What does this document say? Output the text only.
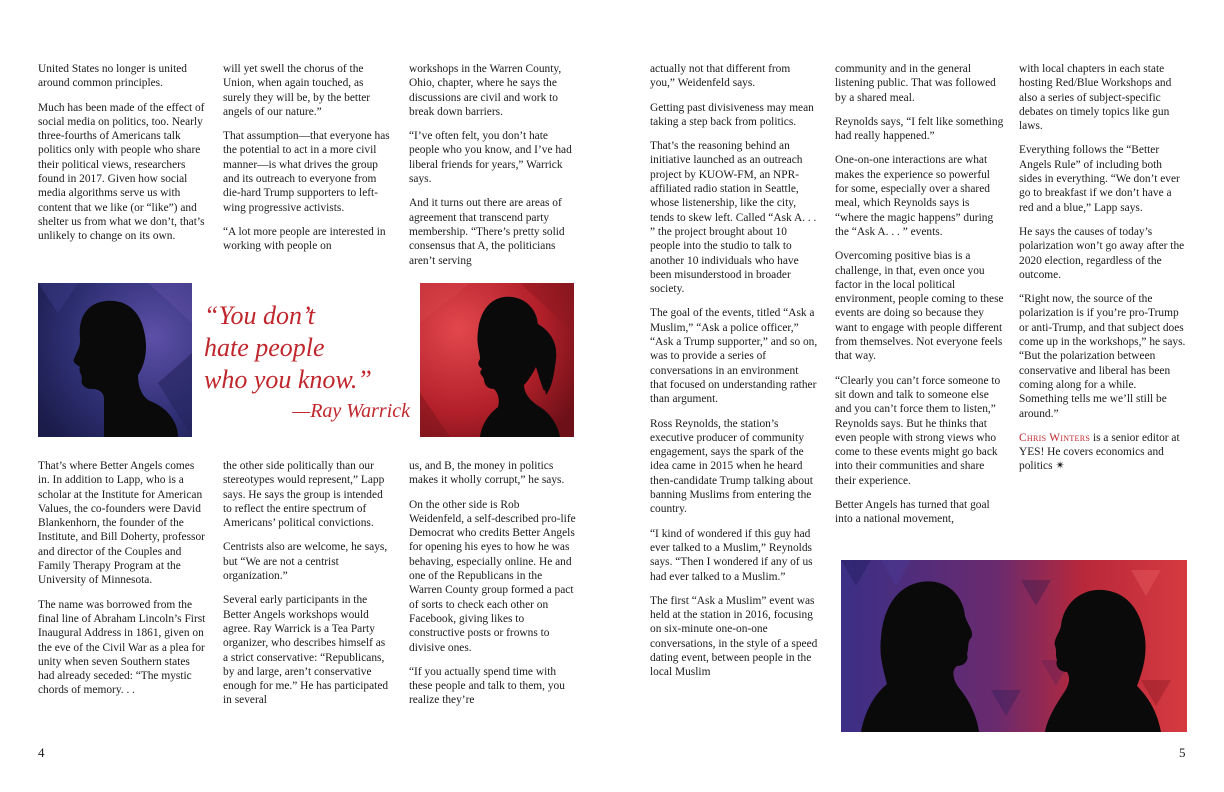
United States no longer is united around common principles.

Much has been made of the effect of social media on politics, too. Nearly three-fourths of Americans talk politics only with people who share their political views, researchers found in 2017. Given how social media algorithms serve us with content that we like (or “like”) and shelter us from what we don’t, that’s unlikely to change on its own.

will yet swell the chorus of the Union, when again touched, as surely they will be, by the better angels of our nature.”

That assumption—that everyone has the potential to act in a more civil manner—is what drives the group and its outreach to everyone from die-hard Trump supporters to left-wing progressive activists.

“A lot more people are interested in working with people on

workshops in the Warren County, Ohio, chapter, where he says the discussions are civil and work to break down barriers.

“I’ve often felt, you don’t hate people who you know, and I’ve had liberal friends for years,” Warrick says.

And it turns out there are areas of agreement that transcend party membership. “There’s pretty solid consensus that A, the politicians aren’t serving

“You don’t
hate people
who you know.”
—Ray Warrick

That’s where Better Angels comes in. In addition to Lapp, who is a scholar at the Institute for American Values, the co-founders were David Blankenhorn, the founder of the Institute, and Bill Doherty, professor and director of the Couples and Family Therapy Program at the University of Minnesota.

The name was borrowed from the final line of Abraham Lincoln’s First Inaugural Address in 1861, given on the eve of the Civil War as a plea for unity when seven Southern states had already seceded: “The mystic chords of memory. . .

the other side politically than our stereotypes would represent,” Lapp says. He says the group is intended to reflect the entire spectrum of Americans’ political convictions.

Centrists also are welcome, he says, but “We are not a centrist organization.”

Several early participants in the Better Angels workshops would agree. Ray Warrick is a Tea Party organizer, who describes himself as a strict conservative: “Republicans, by and large, aren’t conservative enough for me.” He has participated in several

us, and B, the money in politics makes it wholly corrupt,” he says.

On the other side is Rob Weidenfeld, a self-described pro-life Democrat who credits Better Angels for opening his eyes to how he was behaving, especially online. He and one of the Republicans in the Warren County group formed a pact of sorts to check each other on Facebook, giving likes to constructive posts or frowns to divisive ones.

“If you actually spend time with these people and talk to them, you realize they’re

4

actually not that different from you,” Weidenfeld says.

Getting past divisiveness may mean taking a step back from politics.

That’s the reasoning behind an initiative launched as an outreach project by KUOW-FM, an NPR-affiliated radio station in Seattle, whose listenership, like the city, tends to skew left. Called “Ask A. . . ” the project brought about 10 people into the studio to talk to another 10 individuals who have been misunderstood in broader society.

The goal of the events, titled “Ask a Muslim,” “Ask a police officer,” “Ask a Trump supporter,” and so on, was to provide a series of conversations in an environment that focused on understanding rather than argument.

Ross Reynolds, the station’s executive producer of community engagement, says the spark of the idea came in 2015 when he heard then-candidate Trump talking about banning Muslims from entering the country.

“I kind of wondered if this guy had ever talked to a Muslim,” Reynolds says. “Then I wondered if any of us had ever talked to a Muslim.”

The first “Ask a Muslim” event was held at the station in 2016, focusing on six-minute one-on-one conversations, in the style of a speed dating event, between people in the local Muslim

community and in the general listening public. That was followed by a shared meal.

Reynolds says, “I felt like something had really happened.”

One-on-one interactions are what makes the experience so powerful for some, especially over a shared meal, which Reynolds says is “where the magic happens” during the “Ask A. . . ” events.

Overcoming positive bias is a challenge, in that, even once you factor in the local political environment, people coming to these events are doing so because they want to engage with people different from themselves. Not everyone feels that way.

“Clearly you can’t force someone to sit down and talk to someone else and you can’t force them to listen,” Reynolds says. But he thinks that even people with strong views who come to these events might go back into their communities and share their experience.

Better Angels has turned that goal into a national movement,

with local chapters in each state hosting Red/Blue Workshops and also a series of subject-specific debates on timely topics like gun laws.

Everything follows the “Better Angels Rule” of including both sides in everything. “We don’t ever go to breakfast if we don’t have a red and a blue,” Lapp says.

He says the causes of today’s polarization won’t go away after the 2020 election, regardless of the outcome.

“Right now, the source of the polarization is if you’re pro-Trump or anti-Trump, and that subject does come up in the workshops,” he says. “But the polarization between conservative and liberal has been coming along for a while. Something tells me we’ll still be around.”

Chris Winters is a senior editor at YES! He covers economics and politics ✴

5
